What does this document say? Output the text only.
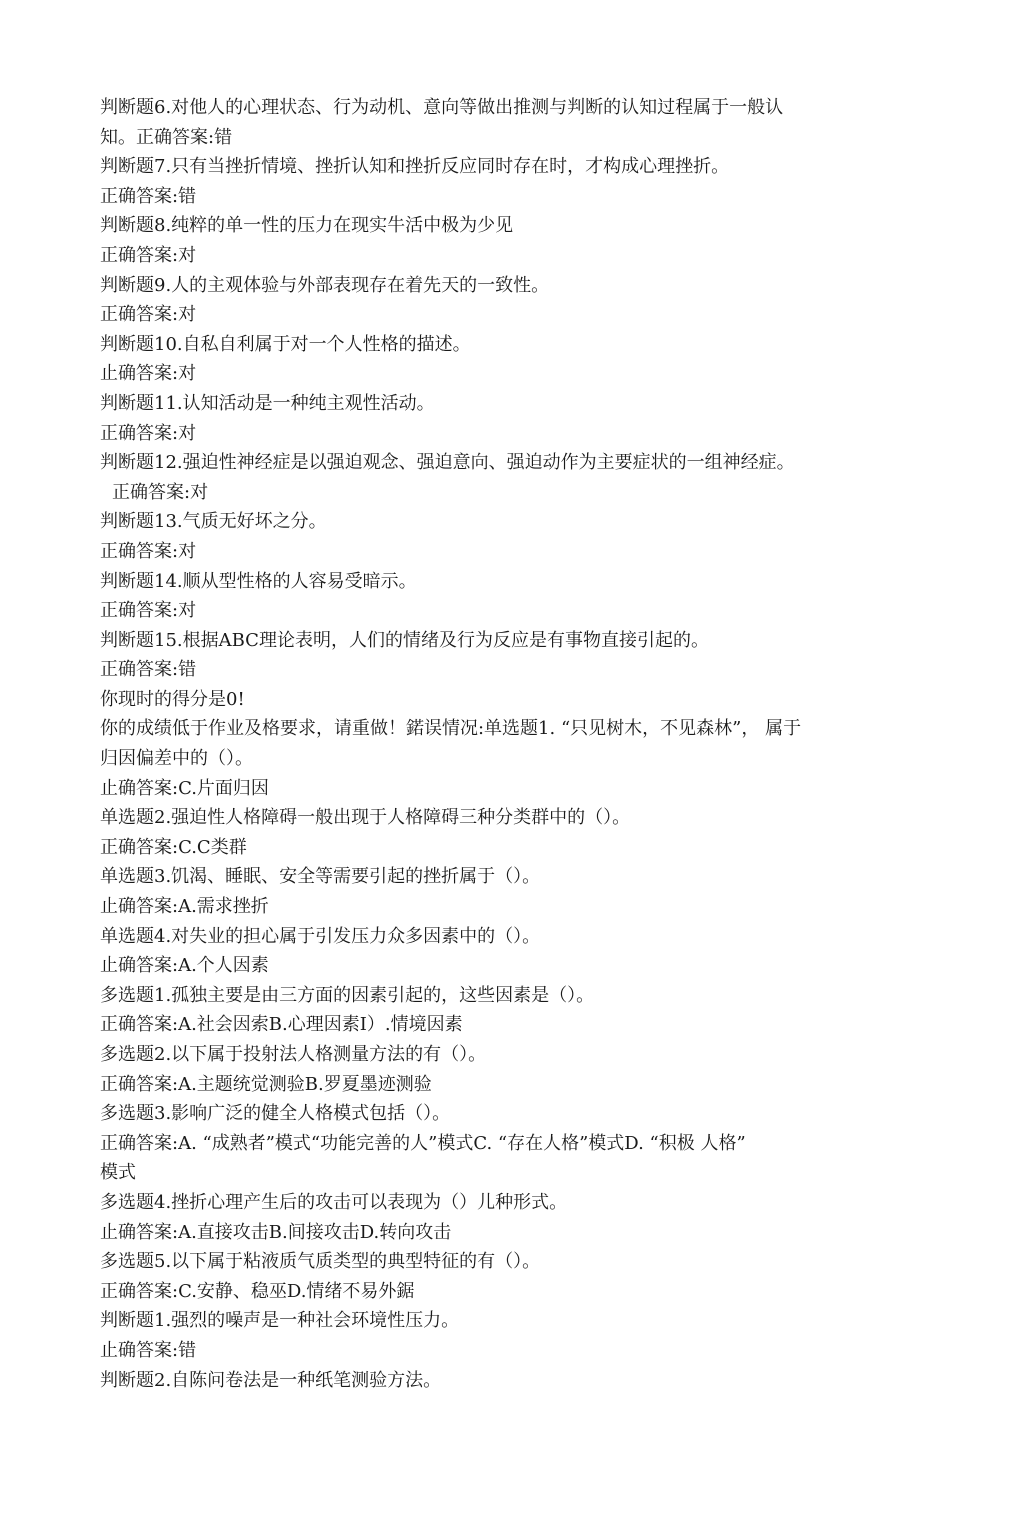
判断题6.对他人的心理状态、行为动机、意向等做出推测与判断的认知过程属于一般认
知。正确答案:错
判断题7.只有当挫折情境、挫折认知和挫折反应同时存在时，才构成心理挫折。
正确答案:错
判断题8.纯粹的单一性的压力在现实牛活中极为少见
正确答案:对
判断题9.人的主观体验与外部表现存在着先天的一致性。
正确答案:对
判断题10.自私自利属于对一个人性格的描述。
止确答案:对
判断题11.认知活动是一种纯主观性活动。
正确答案:对
判断题12.强迫性神经症是以强迫观念、强迫意向、强迫动作为主要症状的一组神经症。
正确答案:对
判断题13.气质无好坏之分。
正确答案:对
判断题14.顺从型性格的人容易受暗示。
正确答案:对
判断题15.根据ABC理论表明，人们的情绪及行为反应是有事物直接引起的。
正确答案:错
你现时的得分是0!
你的成绩低于作业及格要求，请重做！鍩误情况:单选题1. “只见树木，不见森林”， 属于
归因偏差中的（）。
止确答案:C.片面归因
单选题2.强迫性人格障碍一般出现于人格障碍三种分类群中的（）。
正确答案:C.C类群
单选题3.饥渴、睡眠、安全等需要引起的挫折属于（）。
止确答案:A.需求挫折
单选题4.对失业的担心属于引发压力众多因素中的（）。
止确答案:A.个人因素
多选题1.孤独主要是由三方面的因素引起的，这些因素是（）。
正确答案:A.社会因索B.心理因素I）.情境因素
多选题2.以下属于投射法人格测量方法的有（）。
正确答案:A.主题统觉测验B.罗夏墨迹测验
多选题3.影响广泛的健全人格模式包括（）。
正确答案:A. “成熟者”模式“功能完善的人”模式C. “存在人格”模式D. “积极 人格”
模式
多选题4.挫折心理产生后的攻击可以表现为（）儿种形式。
止确答案:A.直接攻击B.间接攻击D.转向攻击
多选题5.以下属于粘液质气质类型的典型特征的有（）。
正确答案:C.安静、稳巫D.情绪不易外鋸
判断题1.强烈的噪声是一种社会环境性压力。
止确答案:错
判断题2.自陈问卷法是一种纸笔测验方法。
